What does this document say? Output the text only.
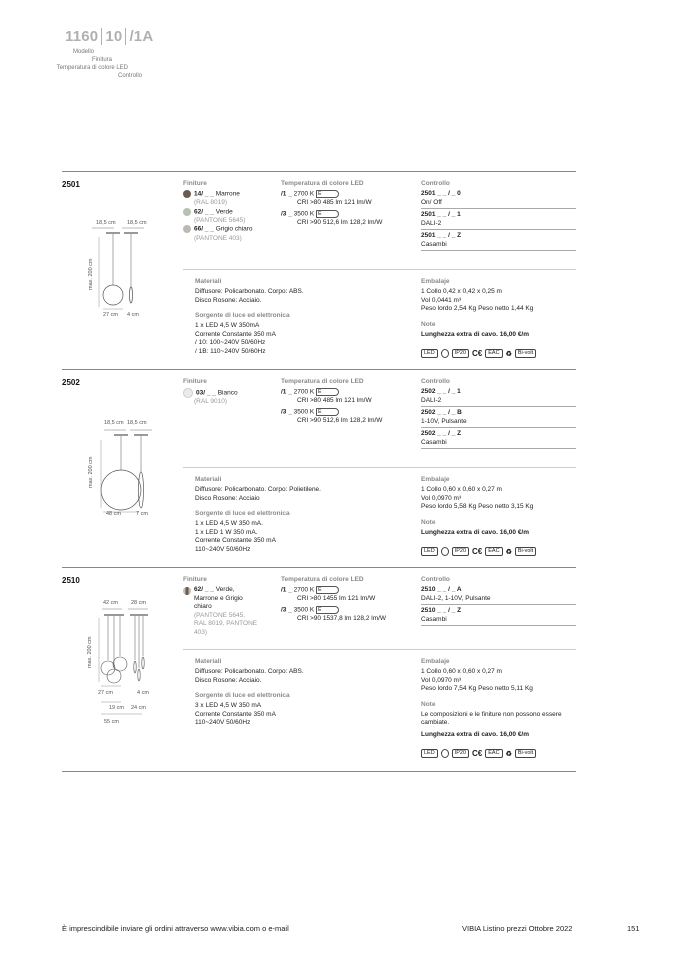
1160 10 /1A
Modello
Finitura
Temperatura di colore LED
Controllo
2501
18,5 cm 18,5 cm
max. 200 cm
27 cm 4 cm
Finiture
14/ _ _ Marrone
(RAL 8019)
62/ _ _ Verde
(PANTONE 5645)
66/ _ _ Grigio chiaro
(PANTONE 403)
Temperatura di colore LED
/1 _ 2700 K E
CRI >80 485 lm 121 lm/W
/3 _ 3500 K E
CRI >90 512,6 lm 128,2 lm/W
Controllo
2501 _ _ / _ 0
On/ Off
2501 _ _ / _ 1
DALI-2
2501 _ _ / _ Z
Casambi
Materiali
Diffusore: Policarbonato. Corpo: ABS.
Disco Rosone: Acciaio.
Sorgente di luce ed elettronica
1 x LED 4,5 W 350mA
Corrente Constante 350 mA
/ 10: 100~240V 50/60Hz
/ 1B: 110~240V 50/60Hz
Embalaje
1 Collo 0,42 x 0,42 x 0,25 m
Vol 0,0441 m³
Peso lordo 2,54 Kg Peso netto 1,44 Kg
Note
Lunghezza extra di cavo. 16,00 €/m
LED	IP20 C€ EAC ♻ Bi-volt
2502
18,5 cm 18,5 cm
max. 200 cm
48 cm	7 cm
Finiture
03/ _ _ Bianco
(RAL 9010)
Temperatura di colore LED
/1 _ 2700 K E
CRI >80 485 lm 121 lm/W
/3 _ 3500 K E
CRI >90 512,6 lm 128,2 lm/W
Controllo
2502 _ _ / _ 1
DALI-2
2502 _ _ / _ B
1-10V, Pulsante
2502 _ _ / _ Z
Casambi
Materiali
Diffusore: Policarbonato. Corpo: Polietilene.
Disco Rosone: Acciaio
Sorgente di luce ed elettronica
1 x LED 4,5 W 350 mA.
1 x LED 1 W 350 mA.
Corrente Constante 350 mA
110~240V 50/60Hz
Embalaje
1 Collo 0,60 x 0,60 x 0,27 m
Vol 0,0970 m³
Peso lordo 5,58 Kg Peso netto 3,15 Kg
Note
Lunghezza extra di cavo. 16,00 €/m
LED	IP20 C€ EAC ♻ Bi-volt
2510
42 cm 28 cm
max. 200 cm
27 cm	4 cm
19 cm 24 cm
55 cm
Finiture
62/ _ _ Verde, Marrone e Grigio chiaro
(PANTONE 5645, RAL 8019, PANTONE 403)
Temperatura di colore LED
/1 _ 2700 K E
CRI >80 1455 lm 121 lm/W
/3 _ 3500 K E
CRI >90 1537,8 lm 128,2 lm/W
Controllo
2510 _ _ / _ A
DALI-2, 1-10V, Pulsante
2510 _ _ / _ Z
Casambi
Materiali
Diffusore: Policarbonato. Corpo: ABS.
Disco Rosone: Acciaio.
Sorgente di luce ed elettronica
3 x LED 4,5 W 350 mA
Corrente Constante 350 mA
110~240V 50/60Hz
Embalaje
1 Collo 0,60 x 0,60 x 0,27 m
Vol 0,0970 m³
Peso lordo 7,54 Kg Peso netto 5,11 Kg
Note
Le composizioni e le finiture non possono essere cambiate.
Lunghezza extra di cavo. 16,00 €/m
LED	IP20 C€ EAC ♻ Bi-volt
È imprescindibile inviare gli ordini attraverso www.vibia.com o e-mail	VIBIA Listino prezzi Ottobre 2022	151
